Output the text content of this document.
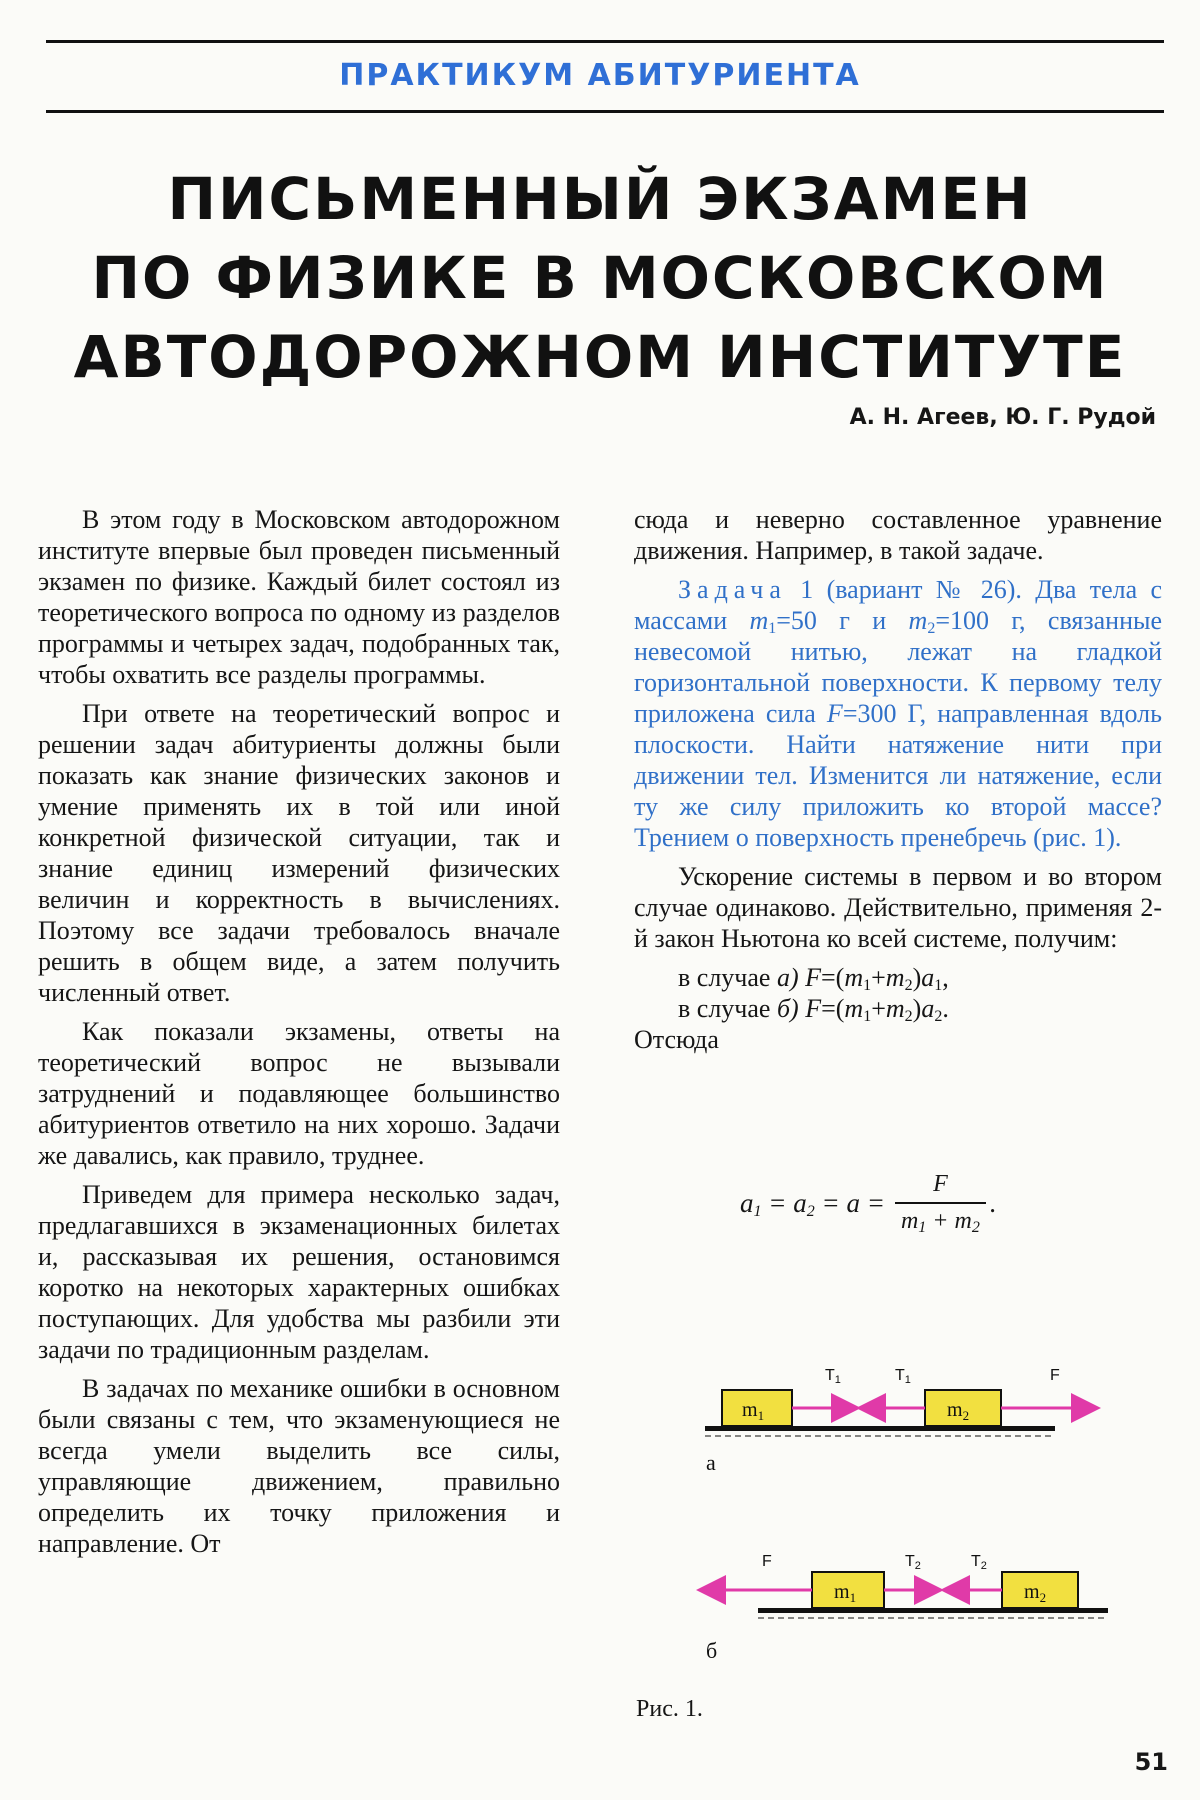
ПРАКТИКУМ АБИТУРИЕНТА
ПИСЬМЕННЫЙ ЭКЗАМЕН
ПО ФИЗИКЕ В МОСКОВСКОМ
АВТОДОРОЖНОМ ИНСТИТУТЕ
А. Н. Агеев, Ю. Г. Рудой

В этом году в Московском автодорожном институте впервые был проведен письменный экзамен по физике. Каждый билет состоял из теоретического вопроса по одному из разделов программы и четырех задач, подобранных так, чтобы охватить все разделы программы.

При ответе на теоретический вопрос и решении задач абитуриенты должны были показать как знание физических законов и умение применять их в той или иной конкретной физической ситуации, так и знание единиц измерений физических величин и корректность в вычислениях. Поэтому все задачи требовалось вначале решить в общем виде, а затем получить численный ответ.

Как показали экзамены, ответы на теоретический вопрос не вызывали затруднений и подавляющее большинство абитуриентов ответило на них хорошо. Задачи же давались, как правило, труднее.

Приведем для примера несколько задач, предлагавшихся в экзаменационных билетах и, рассказывая их решения, остановимся коротко на некоторых характерных ошибках поступающих. Для удобства мы разбили эти задачи по традиционным разделам.

В задачах по механике ошибки в основном были связаны с тем, что экзаменующиеся не всегда умели выделить все силы, управляющие движением, правильно определить их точку приложения и направление. От

сюда и неверно составленное уравнение движения. Например, в такой задаче.

Задача 1 (вариант № 26). Два тела с массами $m_1=50$ г и $m_2=100$ г, связанные невесомой нитью, лежат на гладкой горизонтальной поверхности. К первому телу приложена сила F=300 Г, направленная вдоль плоскости. Найти натяжение нити при движении тел. Изменится ли натяжение, если ту же силу приложить ко второй массе? Трением о поверхность пренебречь (рис. 1).

Ускорение системы в первом и во втором случае одинаково. Действительно, применяя 2-й закон Ньютона ко всей системе, получим:

в случае а) $F=(m_1+m_2)a_1$,
в случае б) $F=(m_1+m_2)a_2$.
Отсюда
$a_1 = a_2 = a = \frac{F}{m_1 + m_2}$ .
$m_1$	$m_2$
T1	T1	F
а
$m_1$	$m_2$
F	T2	T2
б
Рис. 1.
51
